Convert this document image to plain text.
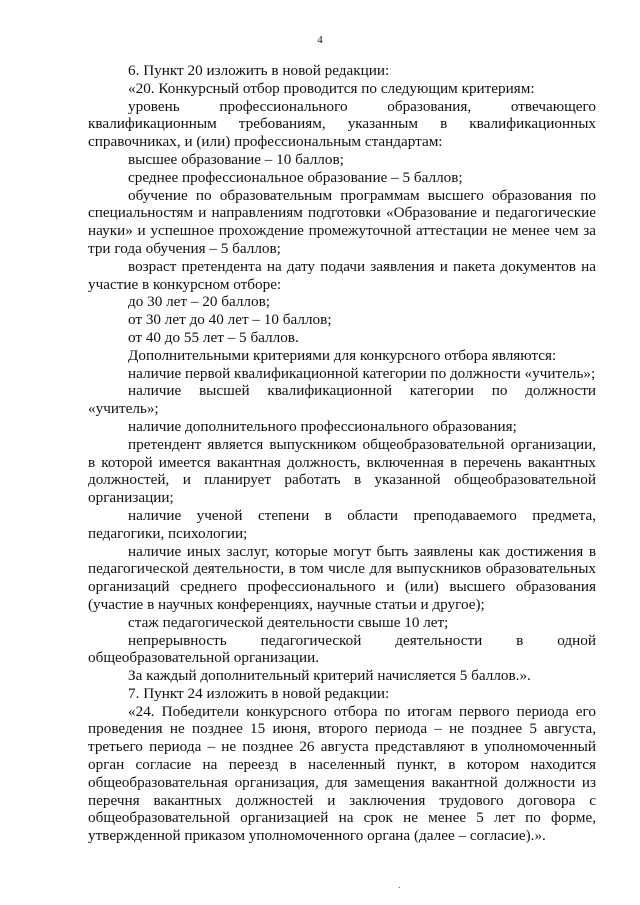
4

6. Пункт 20 изложить в новой редакции:

«20. Конкурсный отбор проводится по следующим критериям:

уровень профессионального образования, отвечающего квалификационным требованиям, указанным в квалификационных справочниках, и (или) профессиональным стандартам:

высшее образование – 10 баллов;

среднее профессиональное образование – 5 баллов;

обучение по образовательным программам высшего образования по специальностям и направлениям подготовки «Образование и педагогические науки» и успешное прохождение промежуточной аттестации не менее чем за три года обучения – 5 баллов;

возраст претендента на дату подачи заявления и пакета документов на участие в конкурсном отборе:

до 30 лет – 20 баллов;

от 30 лет до 40 лет – 10 баллов;

от 40 до 55 лет – 5 баллов.

Дополнительными критериями для конкурсного отбора являются:

наличие первой квалификационной категории по должности «учитель»;

наличие высшей квалификационной категории по должности «учитель»;

наличие дополнительного профессионального образования;

претендент является выпускником общеобразовательной организации, в которой имеется вакантная должность, включенная в перечень вакантных должностей, и планирует работать в указанной общеобразовательной организации;

наличие ученой степени в области преподаваемого предмета, педагогики, психологии;

наличие иных заслуг, которые могут быть заявлены как достижения в педагогической деятельности, в том числе для выпускников образовательных организаций среднего профессионального и (или) высшего образования (участие в научных конференциях, научные статьи и другое);

стаж педагогической деятельности свыше 10 лет;

непрерывность педагогической деятельности в одной общеобразовательной организации.

За каждый дополнительный критерий начисляется 5 баллов.».

7. Пункт 24 изложить в новой редакции:

«24. Победители конкурсного отбора по итогам первого периода его проведения не позднее 15 июня, второго периода – не позднее 5 августа, третьего периода – не позднее 26 августа представляют в уполномоченный орган согласие на переезд в населенный пункт, в котором находится общеобразовательная организация, для замещения вакантной должности из перечня вакантных должностей и заключения трудового договора с общеобразовательной организацией на срок не менее 5 лет по форме, утвержденной приказом уполномоченного органа (далее – согласие).».

.
